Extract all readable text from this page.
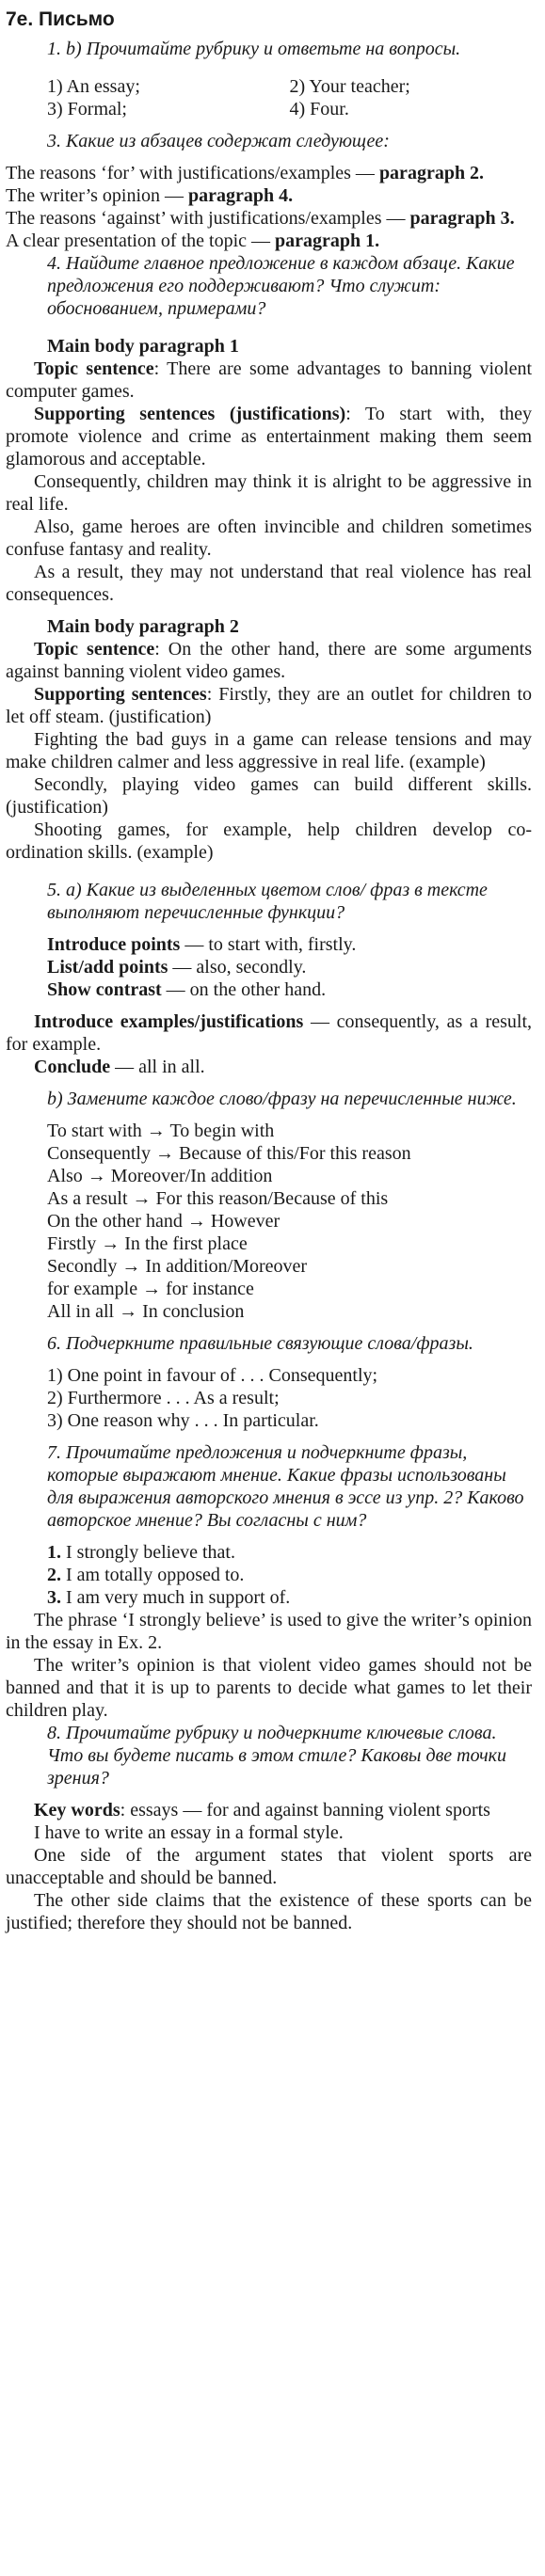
7e. Письмо

1. b) Прочитайте рубрику и ответьте на вопросы.

1) An essay;	2) Your teacher;
3) Formal;	4) Four.

3. Какие из абзацев содержат следующее:

The reasons ‘for’ with justifications/examples — paragraph 2.

The writer’s opinion — paragraph 4.

The reasons ‘against’ with justifications/examples — paragraph 3.

A clear presentation of the topic — paragraph 1.

4. Найдите главное предложение в каждом абзаце. Какие предложения его поддерживают? Что служит: обоснованием, примерами?

Main body paragraph 1

Topic sentence: There are some advantages to banning violent computer games.

Supporting sentences (justifications): To start with, they promote violence and crime as entertainment making them seem glamorous and acceptable.

Consequently, children may think it is alright to be aggressive in real life.

Also, game heroes are often invincible and children sometimes confuse fantasy and reality.

As a result, they may not understand that real violence has real consequences.

Main body paragraph 2

Topic sentence: On the other hand, there are some arguments against banning violent video games.

Supporting sentences: Firstly, they are an outlet for children to let off steam. (justification)

Fighting the bad guys in a game can release tensions and may make children calmer and less aggressive in real life. (example)

Secondly, playing video games can build different skills. (justification)

Shooting games, for example, help children develop co-ordination skills. (example)

5. а) Какие из выделенных цветом слов/ фраз в тексте выполняют перечисленные функции?

Introduce points — to start with, firstly.
List/add points — also, secondly.
Show contrast — on the other hand.

Introduce examples/justifications — consequently, as a result, for example.

Conclude — all in all.

b) Замените каждое слово/фразу на перечисленные ниже.

To start with → To begin with
Consequently → Because of this/For this reason
Also → Moreover/In addition
As a result → For this reason/Because of this
On the other hand → However
Firstly → In the first place
Secondly → In addition/Moreover
for example → for instance
All in all → In conclusion

6. Подчеркните правильные связующие слова/фразы.

1) One point in favour of . . . Consequently;
2) Furthermore . . . As a result;
3) One reason why . . . In particular.

7. Прочитайте предложения и подчеркните фразы, которые выражают мнение. Какие фразы использованы для выражения авторского мнения в эссе из упр. 2? Каково авторское мнение? Вы согласны с ним?

1. I strongly believe that.
2. I am totally opposed to.
3. I am very much in support of.

The phrase ‘I strongly believe’ is used to give the writer’s opinion in the essay in Ex. 2.

The writer’s opinion is that violent video games should not be banned and that it is up to parents to decide what games to let their children play.

8. Прочитайте рубрику и подчеркните ключевые слова. Что вы будете писать в этом стиле? Каковы две точки зрения?

Key words: essays — for and against banning violent sports

I have to write an essay in a formal style.

One side of the argument states that violent sports are unacceptable and should be banned.

The other side claims that the existence of these sports can be justified; therefore they should not be banned.
